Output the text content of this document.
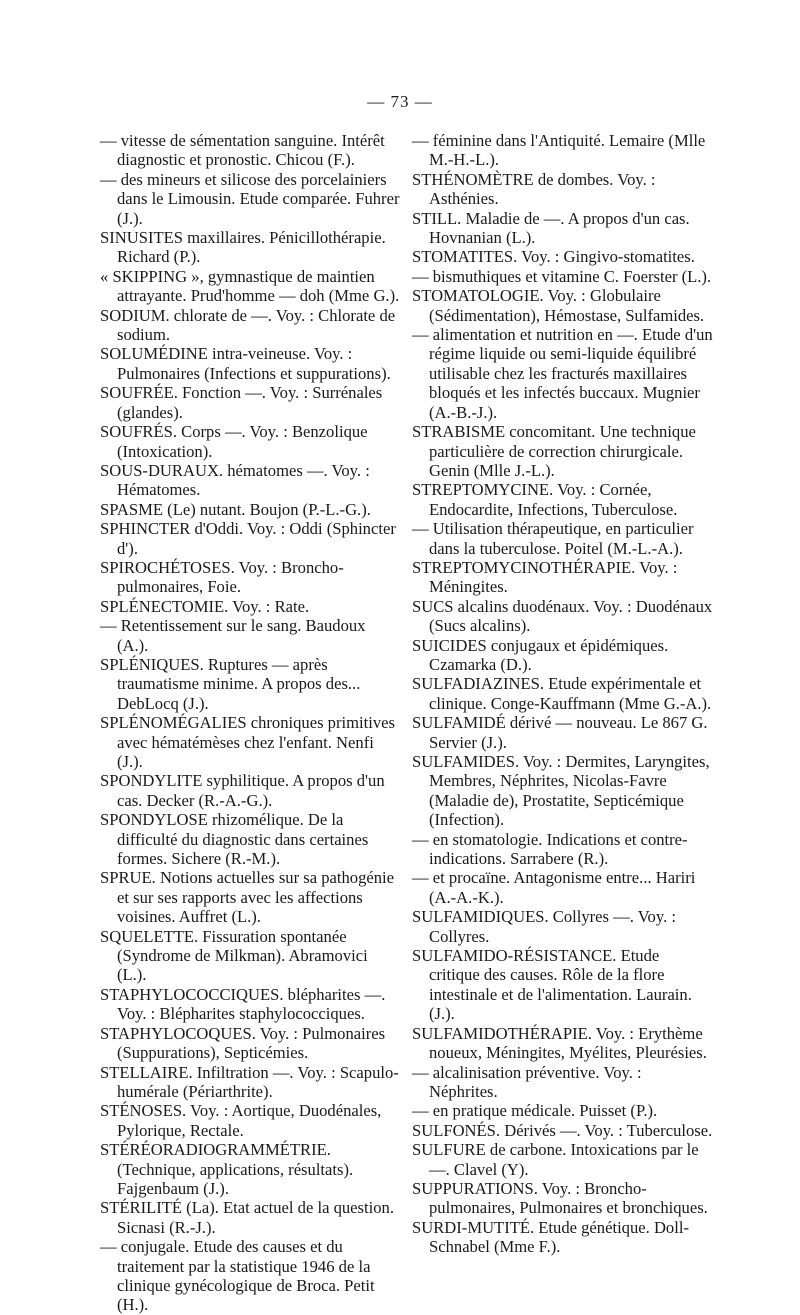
— 73 —

— vitesse de sémentation sanguine. Intérêt diagnostic et pronostic. Chicou (F.).

— des mineurs et silicose des porcelainiers dans le Limousin. Etude comparée. Fuhrer (J.).

SINUSITES maxillaires. Pénicillothérapie. Richard (P.).

« SKIPPING », gymnastique de maintien attrayante. Prud'homme — doh (Mme G.).

SODIUM. chlorate de —. Voy. : Chlorate de sodium.

SOLUMÉDINE intra-veineuse. Voy. : Pulmonaires (Infections et suppurations).

SOUFRÉE. Fonction —. Voy. : Surrénales (glandes).

SOUFRÉS. Corps —. Voy. : Benzolique (Intoxication).

SOUS-DURAUX. hématomes —. Voy. : Hématomes.

SPASME (Le) nutant. Boujon (P.-L.-G.).

SPHINCTER d'Oddi. Voy. : Oddi (Sphincter d').

SPIROCHÉTOSES. Voy. : Broncho-pulmonaires, Foie.

SPLÉNECTOMIE. Voy. : Rate.

— Retentissement sur le sang. Baudoux (A.).

SPLÉNIQUES. Ruptures — après traumatisme minime. A propos des... DebLocq (J.).

SPLÉNOMÉGALIES chroniques primitives avec hématémèses chez l'enfant. Nenfi (J.).

SPONDYLITE syphilitique. A propos d'un cas. Decker (R.-A.-G.).

SPONDYLOSE rhizomélique. De la difficulté du diagnostic dans certaines formes. Sichere (R.-M.).

SPRUE. Notions actuelles sur sa pathogénie et sur ses rapports avec les affections voisines. Auffret (L.).

SQUELETTE. Fissuration spontanée (Syndrome de Milkman). Abramovici (L.).

STAPHYLOCOCCIQUES. blépharites —. Voy. : Blépharites staphylococciques.

STAPHYLOCOQUES. Voy. : Pulmonaires (Suppurations), Septicémies.

STELLAIRE. Infiltration —. Voy. : Scapulo-humérale (Périarthrite).

STÉNOSES. Voy. : Aortique, Duodénales, Pylorique, Rectale.

STÉRÉORADIOGRAMMÉTRIE. (Technique, applications, résultats). Fajgenbaum (J.).

STÉRILITÉ (La). Etat actuel de la question. Sicnasi (R.-J.).

— conjugale. Etude des causes et du traitement par la statistique 1946 de la clinique gynécologique de Broca. Petit (H.).

— féminine dans l'Antiquité. Lemaire (Mlle M.-H.-L.).

STHÉNOMÈTRE de dombes. Voy. : Asthénies.

STILL. Maladie de —. A propos d'un cas. Hovnanian (L.).

STOMATITES. Voy. : Gingivo-stomatites.

— bismuthiques et vitamine C. Foerster (L.).

STOMATOLOGIE. Voy. : Globulaire (Sédimentation), Hémostase, Sulfamides.

— alimentation et nutrition en —. Etude d'un régime liquide ou semi-liquide équilibré utilisable chez les fracturés maxillaires bloqués et les infectés buccaux. Mugnier (A.-B.-J.).

STRABISME concomitant. Une technique particulière de correction chirurgicale. Genin (Mlle J.-L.).

STREPTOMYCINE. Voy. : Cornée, Endocardite, Infections, Tuberculose.

— Utilisation thérapeutique, en particulier dans la tuberculose. Poitel (M.-L.-A.).

STREPTOMYCINOTHÉRAPIE. Voy. : Méningites.

SUCS alcalins duodénaux. Voy. : Duodénaux (Sucs alcalins).

SUICIDES conjugaux et épidémiques. Czamarka (D.).

SULFADIAZINES. Etude expérimentale et clinique. Conge-Kauffmann (Mme G.-A.).

SULFAMIDÉ dérivé — nouveau. Le 867 G. Servier (J.).

SULFAMIDES. Voy. : Dermites, Laryngites, Membres, Néphrites, Nicolas-Favre (Maladie de), Prostatite, Septicémique (Infection).

— en stomatologie. Indications et contre-indications. Sarrabere (R.).

— et procaïne. Antagonisme entre... Hariri (A.-A.-K.).

SULFAMIDIQUES. Collyres —. Voy. : Collyres.

SULFAMIDO-RÉSISTANCE. Etude critique des causes. Rôle de la flore intestinale et de l'alimentation. Laurain. (J.).

SULFAMIDOTHÉRAPIE. Voy. : Erythème noueux, Méningites, Myélites, Pleurésies.

— alcalinisation préventive. Voy. : Néphrites.

— en pratique médicale. Puisset (P.).

SULFONÉS. Dérivés —. Voy. : Tuberculose.

SULFURE de carbone. Intoxications par le —. Clavel (Y).

SUPPURATIONS. Voy. : Broncho-pulmonaires, Pulmonaires et bronchiques.

SURDI-MUTITÉ. Etude génétique. Doll-Schnabel (Mme F.).
